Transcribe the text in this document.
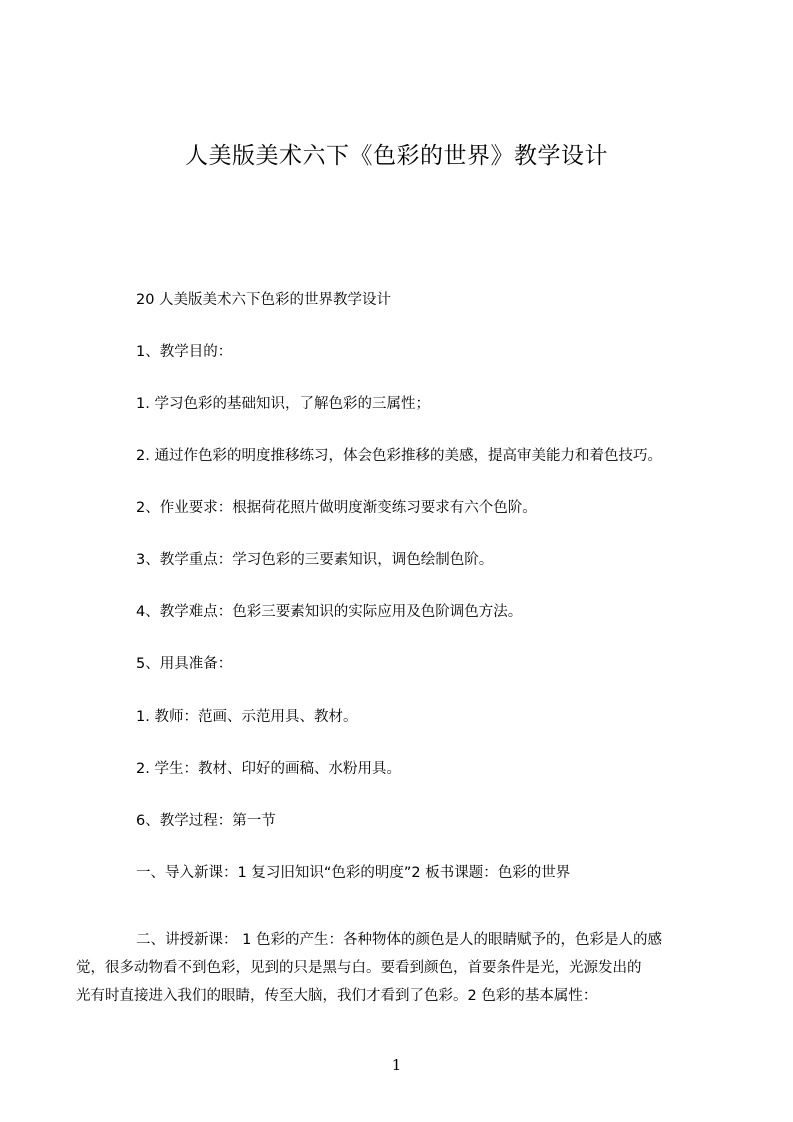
人美版美术六下《色彩的世界》教学设计
20 人美版美术六下色彩的世界教学设计
1、教学目的：
1. 学习色彩的基础知识，了解色彩的三属性；
2. 通过作色彩的明度推移练习，体会色彩推移的美感，提高审美能力和着色技巧。
2、作业要求：根据荷花照片做明度渐变练习要求有六个色阶。
3、教学重点：学习色彩的三要素知识，调色绘制色阶。
4、教学难点：色彩三要素知识的实际应用及色阶调色方法。
5、用具准备：
1. 教师：范画、示范用具、教材。
2. 学生：教材、印好的画稿、水粉用具。
6、教学过程：第一节
一、导入新课：1 复习旧知识“色彩的明度”2 板书课题：色彩的世界
二、讲授新课： 1 色彩的产生：各种物体的颜色是人的眼睛赋予的，色彩是人的感
觉，很多动物看不到色彩，见到的只是黑与白。要看到颜色，首要条件是光，光源发出的
光有时直接进入我们的眼睛，传至大脑，我们才看到了色彩。2 色彩的基本属性：
1
